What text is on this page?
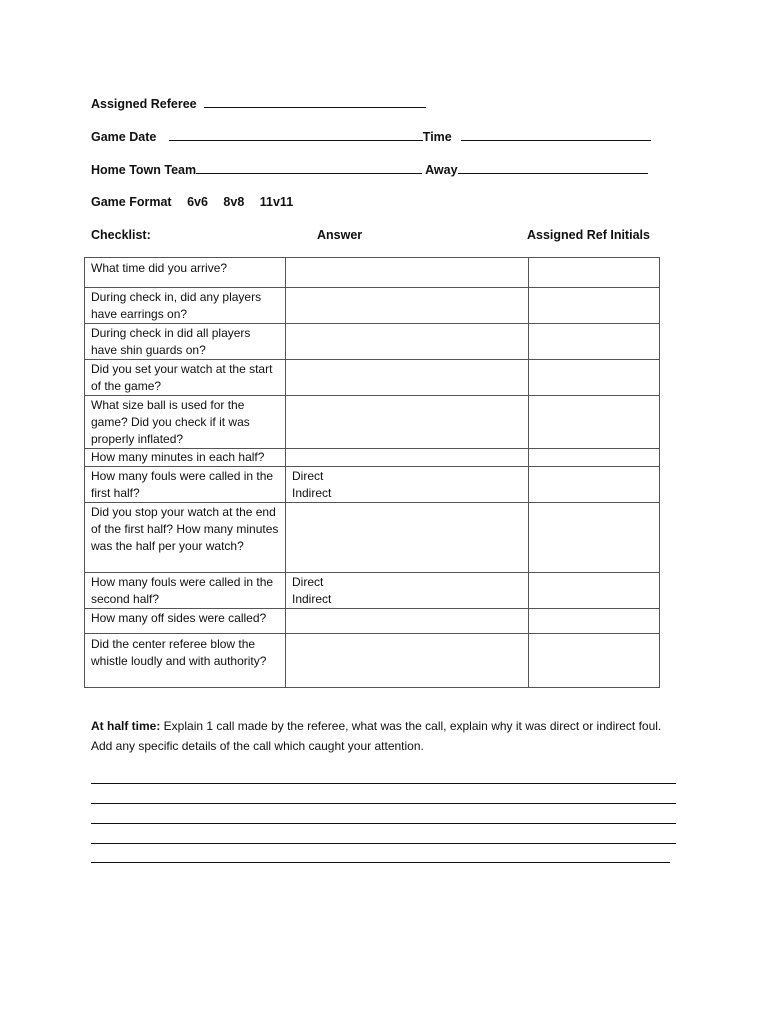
Assigned Referee
Game Date	Time
Home Town Team	Away
Game Format 6v6 8v8 11v11
Checklist:	Answer	Assigned Ref Initials
What time did you arrive?		
During check in, did any players have earrings on?		
During check in did all players have shin guards on?		
Did you set your watch at the start of the game?		
What size ball is used for the game? Did you check if it was properly inflated?		
How many minutes in each half?		
How many fouls were called in the first half?	Direct
Indirect	
Did you stop your watch at the end of the first half? How many minutes was the half per your watch?		
How many fouls were called in the second half?	Direct
Indirect	
How many off sides were called?		
Did the center referee blow the whistle loudly and with authority?		
At half time: Explain 1 call made by the referee, what was the call, explain why it was direct or indirect foul. Add any specific details of the call which caught your attention.
